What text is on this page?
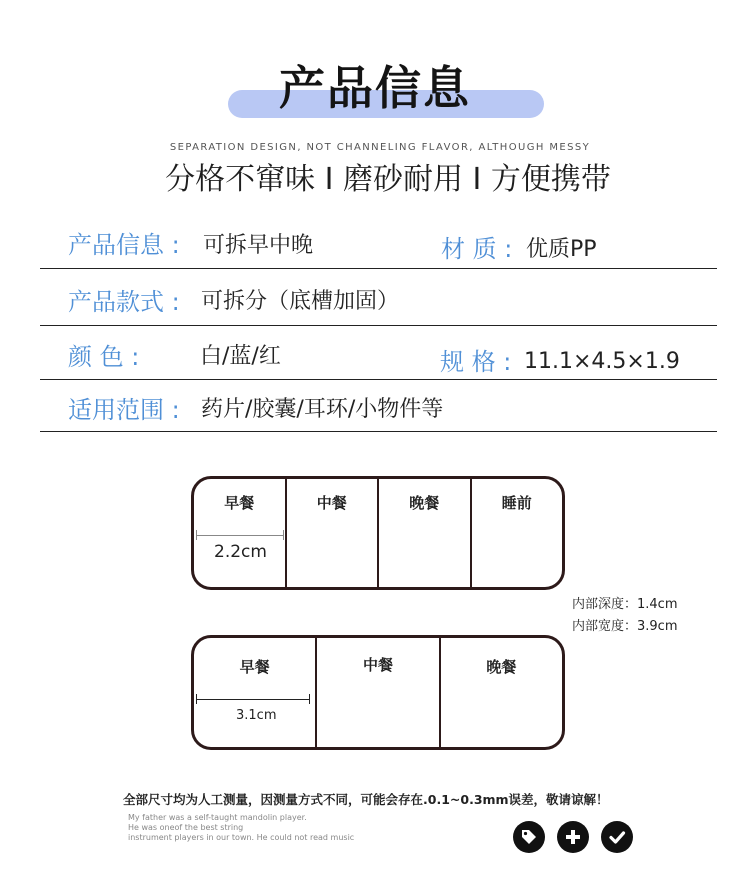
产品信息
SEPARATION DESIGN, NOT CHANNELING FLAVOR, ALTHOUGH MESSY
分格不窜味 I 磨砂耐用 I 方便携带
产品信息 : 可拆早中晚	材 质 : 优质PP
产品款式 : 可拆分（底槽加固）
颜 色 :	白/蓝/红	规 格 : 11.1×4.5×1.9
适用范围 : 药片/胶囊/耳环/小物件等
早餐
2.2cm
中餐	晚餐	睡前
内部深度：1.4cm
内部宽度：3.9cm
早餐
3.1cm
中餐	晚餐
全部尺寸均为人工测量，因测量方式不同，可能会存在.0.1~0.3mm误差，敬请谅解！
My father was a self-taught mandolin player.
He was oneof the best string
instrument players in our town. He could not read music
